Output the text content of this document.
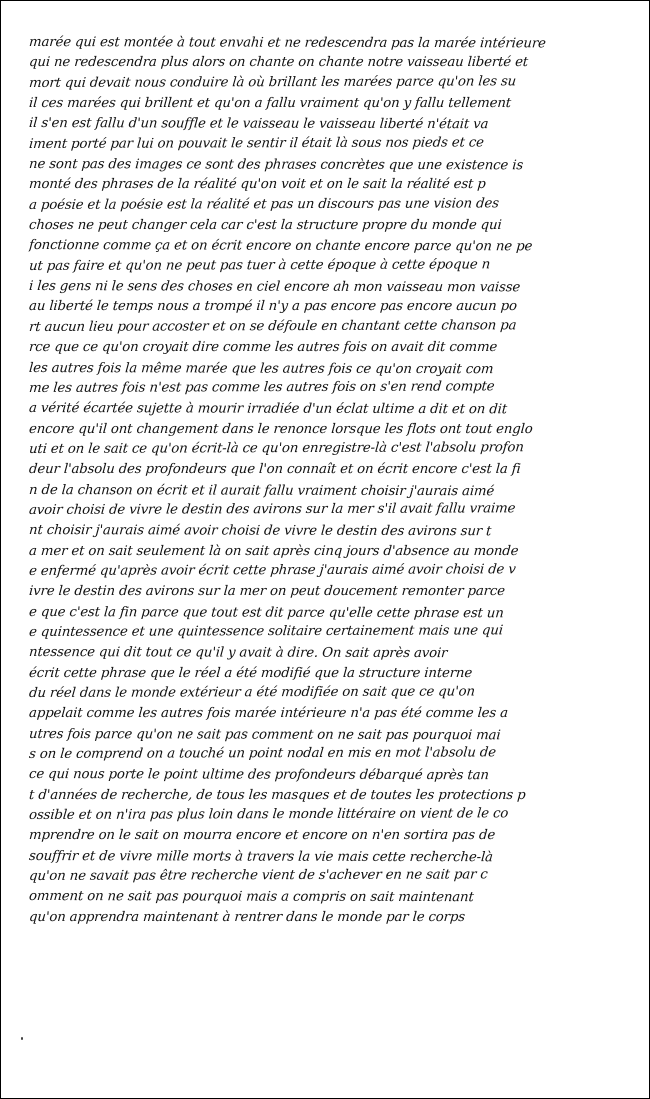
marée qui est montée à tout envahi et ne redescendra pas la marée intérieure
qui ne redescendra plus alors on chante on chante notre vaisseau liberté et
mort qui devait nous conduire là où brillant les marées parce qu'on les su
il ces marées qui brillent et qu'on a fallu vraiment qu'on y fallu tellement
il s'en est fallu d'un souffle et le vaisseau le vaisseau liberté n'était va
iment porté par lui on pouvait le sentir il était là sous nos pieds et ce
ne sont pas des images ce sont des phrases concrètes que une existence is
monté des phrases de la réalité qu'on voit et on le sait la réalité est p
a poésie et la poésie est la réalité et pas un discours pas une vision des
choses ne peut changer cela car c'est la structure propre du monde qui
fonctionne comme ça et on écrit encore on chante encore parce qu'on ne pe
ut pas faire et qu'on ne peut pas tuer à cette époque à cette époque n
i les gens ni le sens des choses en ciel encore ah mon vaisseau mon vaisse
au liberté le temps nous a trompé il n'y a pas encore pas encore aucun po
rt aucun lieu pour accoster et on se défoule en chantant cette chanson pa
rce que ce qu'on croyait dire comme les autres fois on avait dit comme
les autres fois la même marée que les autres fois ce qu'on croyait com
me les autres fois n'est pas comme les autres fois on s'en rend compte
a vérité écartée sujette à mourir irradiée d'un éclat ultime a dit et on dit
encore qu'il ont changement dans le renonce lorsque les flots ont tout englo
uti et on le sait ce qu'on écrit-là ce qu'on enregistre-là c'est l'absolu profon
deur l'absolu des profondeurs que l'on connaît et on écrit encore c'est la fi
n de la chanson on écrit et il aurait fallu vraiment choisir j'aurais aimé
avoir choisi de vivre le destin des avirons sur la mer s'il avait fallu vraime
nt choisir j'aurais aimé avoir choisi de vivre le destin des avirons sur t
a mer et on sait seulement là on sait après cinq jours d'absence au monde
e enfermé qu'après avoir écrit cette phrase j'aurais aimé avoir choisi de v
ivre le destin des avirons sur la mer on peut doucement remonter parce
e que c'est la fin parce que tout est dit parce qu'elle cette phrase est un
e quintessence et une quintessence solitaire certainement mais une qui
ntessence qui dit tout ce qu'il y avait à dire. On sait après avoir
écrit cette phrase que le réel a été modifié que la structure interne
du réel dans le monde extérieur a été modifiée on sait que ce qu'on
appelait comme les autres fois marée intérieure n'a pas été comme les a
utres fois parce qu'on ne sait pas comment on ne sait pas pourquoi mai
s on le comprend on a touché un point nodal en mis en mot l'absolu de
ce qui nous porte le point ultime des profondeurs débarqué après tan
t d'années de recherche, de tous les masques et de toutes les protections p
ossible et on n'ira pas plus loin dans le monde littéraire on vient de le co
mprendre on le sait on mourra encore et encore on n'en sortira pas de
souffrir et de vivre mille morts à travers la vie mais cette recherche-là
qu'on ne savait pas être recherche vient de s'achever en ne sait par c
omment on ne sait pas pourquoi mais a compris on sait maintenant
qu'on apprendra maintenant à rentrer dans le monde par le corps
